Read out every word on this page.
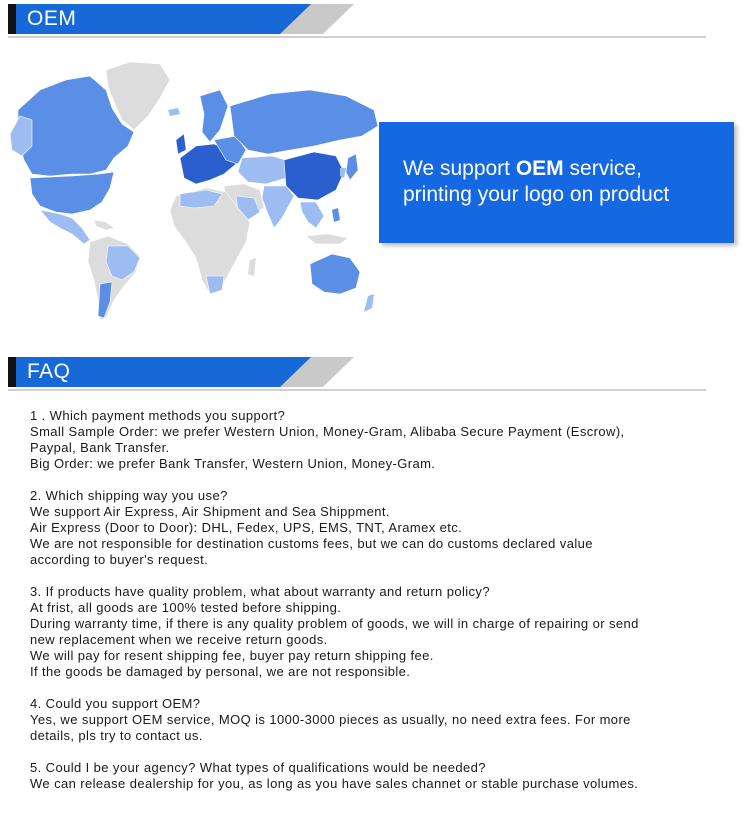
OEM
We support OEM service,
printing your logo on product
FAQ
1 . Which payment methods you support?
Small Sample Order: we prefer Western Union, Money-Gram, Alibaba Secure Payment (Escrow),
Paypal, Bank Transfer.
Big Order: we prefer Bank Transfer, Western Union, Money-Gram.
2. Which shipping way you use?
We support Air Express, Air Shipment and Sea Shippment.
Air Express (Door to Door): DHL, Fedex, UPS, EMS, TNT, Aramex etc.
We are not responsible for destination customs fees, but we can do customs declared value
according to buyer's request.
3. If products have quality problem, what about warranty and return policy?
At frist, all goods are 100% tested before shipping.
During warranty time, if there is any quality problem of goods, we will in charge of repairing or send
new replacement when we receive return goods.
We will pay for resent shipping fee, buyer pay return shipping fee.
If the goods be damaged by personal, we are not responsible.
4. Could you support OEM?
Yes, we support OEM service, MOQ is 1000-3000 pieces as usually, no need extra fees. For more
details, pls try to contact us.
5. Could I be your agency? What types of qualifications would be needed?
We can release dealership for you, as long as you have sales channet or stable purchase volumes.
